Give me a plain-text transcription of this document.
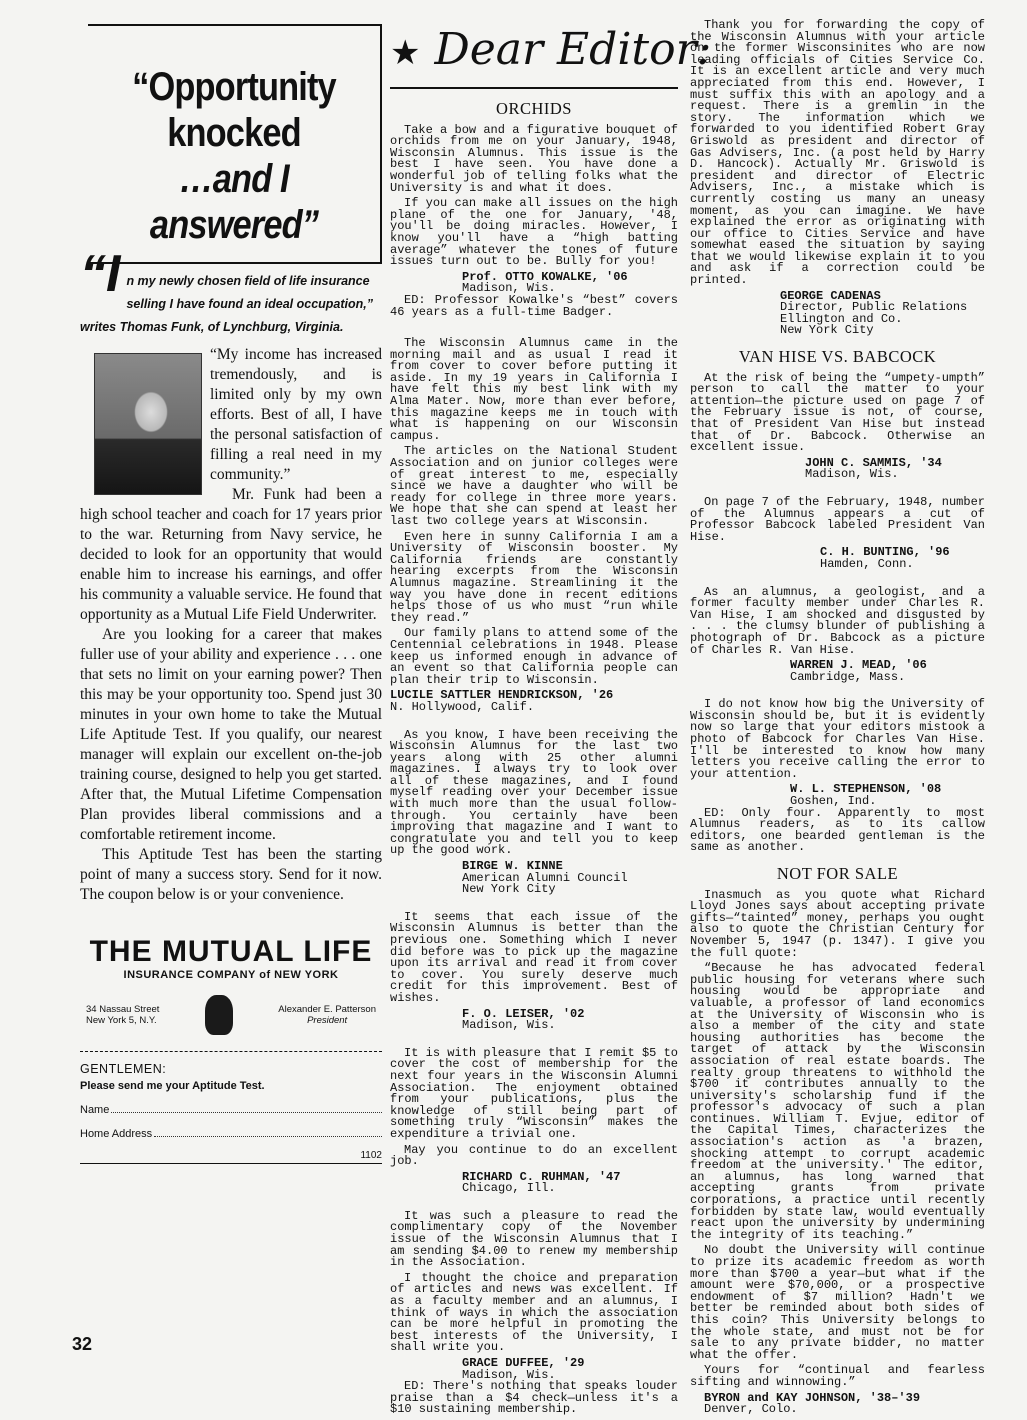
“Opportunity
knocked
…and I
answered”
“I n my newly chosen field of life insurance selling I have found an ideal occupation,” writes Thomas Funk, of Lynchburg, Virginia.

“My income has increased tremendously, and is limited only by my own efforts. Best of all, I have the personal satisfaction of filling a real need in my community.”

Mr. Funk had been a high school teacher and coach for 17 years prior to the war. Returning from Navy service, he decided to look for an opportunity that would enable him to increase his earnings, and offer his community a valuable service. He found that opportunity as a Mutual Life Field Underwriter.

Are you looking for a career that makes fuller use of your ability and experience . . . one that sets no limit on your earning power? Then this may be your opportunity too. Spend just 30 minutes in your own home to take the Mutual Life Aptitude Test. If you qualify, our nearest manager will explain our excellent on-the-job training course, designed to help you get started. After that, the Mutual Lifetime Compensation Plan provides liberal commissions and a comfortable retirement income.

This Aptitude Test has been the starting point of many a success story. Send for it now. The coupon below is or your convenience.

THE MUTUAL LIFE
INSURANCE COMPANY of NEW YORK
34 Nassau Street
New York 5, N.Y.
Alexander E. Patterson
President
GENTLEMEN:
Please send me your Aptitude Test.
Name
Home Address
1102
32
★ Dear Editor:
ORCHIDS

Take a bow and a figurative bouquet of orchids from me on your January, 1948, Wisconsin Alumnus. This issue is the best I have seen. You have done a wonderful job of telling folks what the University is and what it does.

If you can make all issues on the high plane of the one for January, '48, you'll be doing miracles. However, I know you'll have a “high batting average” whatever the tones of future issues turn out to be. Bully for you!

Prof. OTTO KOWALKE, '06
Madison, Wis.

ED: Professor Kowalke's “best” covers 46 years as a full-time Badger.

The Wisconsin Alumnus came in the morning mail and as usual I read it from cover to cover before putting it aside. In my 19 years in California I have felt this my best link with my Alma Mater. Now, more than ever before, this magazine keeps me in touch with what is happening on our Wisconsin campus.

The articles on the National Student Association and on junior colleges were of great interest to me, especially since we have a daughter who will be ready for college in three more years. We hope that she can spend at least her last two college years at Wisconsin.

Even here in sunny California I am a University of Wisconsin booster. My California friends are constantly hearing excerpts from the Wisconsin Alumnus magazine. Streamlining it the way you have done in recent editions helps those of us who must “run while they read.”

Our family plans to attend some of the Centennial celebrations in 1948. Please keep us informed enough in advance of an event so that California people can plan their trip to Wisconsin.

LUCILE SATTLER HENDRICKSON, '26
N. Hollywood, Calif.

As you know, I have been receiving the Wisconsin Alumnus for the last two years along with 25 other alumni magazines. I always try to look over all of these magazines, and I found myself reading over your December issue with much more than the usual follow-through. You certainly have been improving that magazine and I want to congratulate you and tell you to keep up the good work.

BIRGE W. KINNE
American Alumni Council
New York City

It seems that each issue of the Wisconsin Alumnus is better than the previous one. Something which I never did before was to pick up the magazine upon its arrival and read it from cover to cover. You surely deserve much credit for this improvement. Best of wishes.

F. O. LEISER, '02
Madison, Wis.

It is with pleasure that I remit $5 to cover the cost of membership for the next four years in the Wisconsin Alumni Association. The enjoyment obtained from your publications, plus the knowledge of still being part of something truly “Wisconsin” makes the expenditure a trivial one.

May you continue to do an excellent job.

RICHARD C. RUHMAN, '47
Chicago, Ill.

It was such a pleasure to read the complimentary copy of the November issue of the Wisconsin Alumnus that I am sending $4.00 to renew my membership in the Association.

I thought the choice and preparation of articles and news was excellent. If as a faculty member and an alumnus, I think of ways in which the association can be more helpful in promoting the best interests of the University, I shall write you.

GRACE DUFFEE, '29
Madison, Wis.

ED: There's nothing that speaks louder praise than a $4 check—unless it's a $10 sustaining membership.

Thank you for forwarding the copy of the Wisconsin Alumnus with your article on the former Wisconsinites who are now leading officials of Cities Service Co. It is an excellent article and very much appreciated from this end. However, I must suffix this with an apology and a request. There is a gremlin in the story. The information which we forwarded to you identified Robert Gray Griswold as president and director of Gas Advisers, Inc. (a post held by Harry D. Hancock). Actually Mr. Griswold is president and director of Electric Advisers, Inc., a mistake which is currently costing us many an uneasy moment, as you can imagine. We have explained the error as originating with our office to Cities Service and have somewhat eased the situation by saying that we would likewise explain it to you and ask if a correction could be printed.

GEORGE CADENAS
Director, Public Relations
Ellington and Co.
New York City
VAN HISE VS. BABCOCK

At the risk of being the “umpety-umpth” person to call the matter to your attention—the picture used on page 7 of the February issue is not, of course, that of President Van Hise but instead that of Dr. Babcock. Otherwise an excellent issue.

JOHN C. SAMMIS, '34
Madison, Wis.

On page 7 of the February, 1948, number of the Alumnus appears a cut of Professor Babcock labeled President Van Hise.

C. H. BUNTING, '96
Hamden, Conn.

As an alumnus, a geologist, and a former faculty member under Charles R. Van Hise, I am shocked and disgusted by . . . the clumsy blunder of publishing a photograph of Dr. Babcock as a picture of Charles R. Van Hise.

WARREN J. MEAD, '06
Cambridge, Mass.

I do not know how big the University of Wisconsin should be, but it is evidently now so large that your editors mistook a photo of Babcock for Charles Van Hise. I'll be interested to know how many letters you receive calling the error to your attention.

W. L. STEPHENSON, '08
Goshen, Ind.

ED: Only four. Apparently to most Alumnus readers, as to its callow editors, one bearded gentleman is the same as another.

NOT FOR SALE

Inasmuch as you quote what Richard Lloyd Jones says about accepting private gifts—“tainted” money, perhaps you ought also to quote the Christian Century for November 5, 1947 (p. 1347). I give you the full quote:

“Because he has advocated federal public housing for veterans where such housing would be appropriate and valuable, a professor of land economics at the University of Wisconsin who is also a member of the city and state housing authorities has become the target of attack by the Wisconsin association of real estate boards. The realty group threatens to withhold the $700 it contributes annually to the university's scholarship fund if the professor's advocacy of such a plan continues. William T. Evjue, editor of the Capital Times, characterizes the association's action as 'a brazen, shocking attempt to corrupt academic freedom at the university.' The editor, an alumnus, has long warned that accepting grants from private corporations, a practice until recently forbidden by state law, would eventually react upon the university by undermining the integrity of its teaching.”

No doubt the University will continue to prize its academic freedom as worth more than $700 a year—but what if the amount were $70,000, or a prospective endowment of $7 million? Hadn't we better be reminded about both sides of this coin? This University belongs to the whole state, and must not be for sale to any private bidder, no matter what the offer.

Yours for “continual and fearless sifting and winnowing.”

BYRON and KAY JOHNSON, '38–'39
Denver, Colo.
